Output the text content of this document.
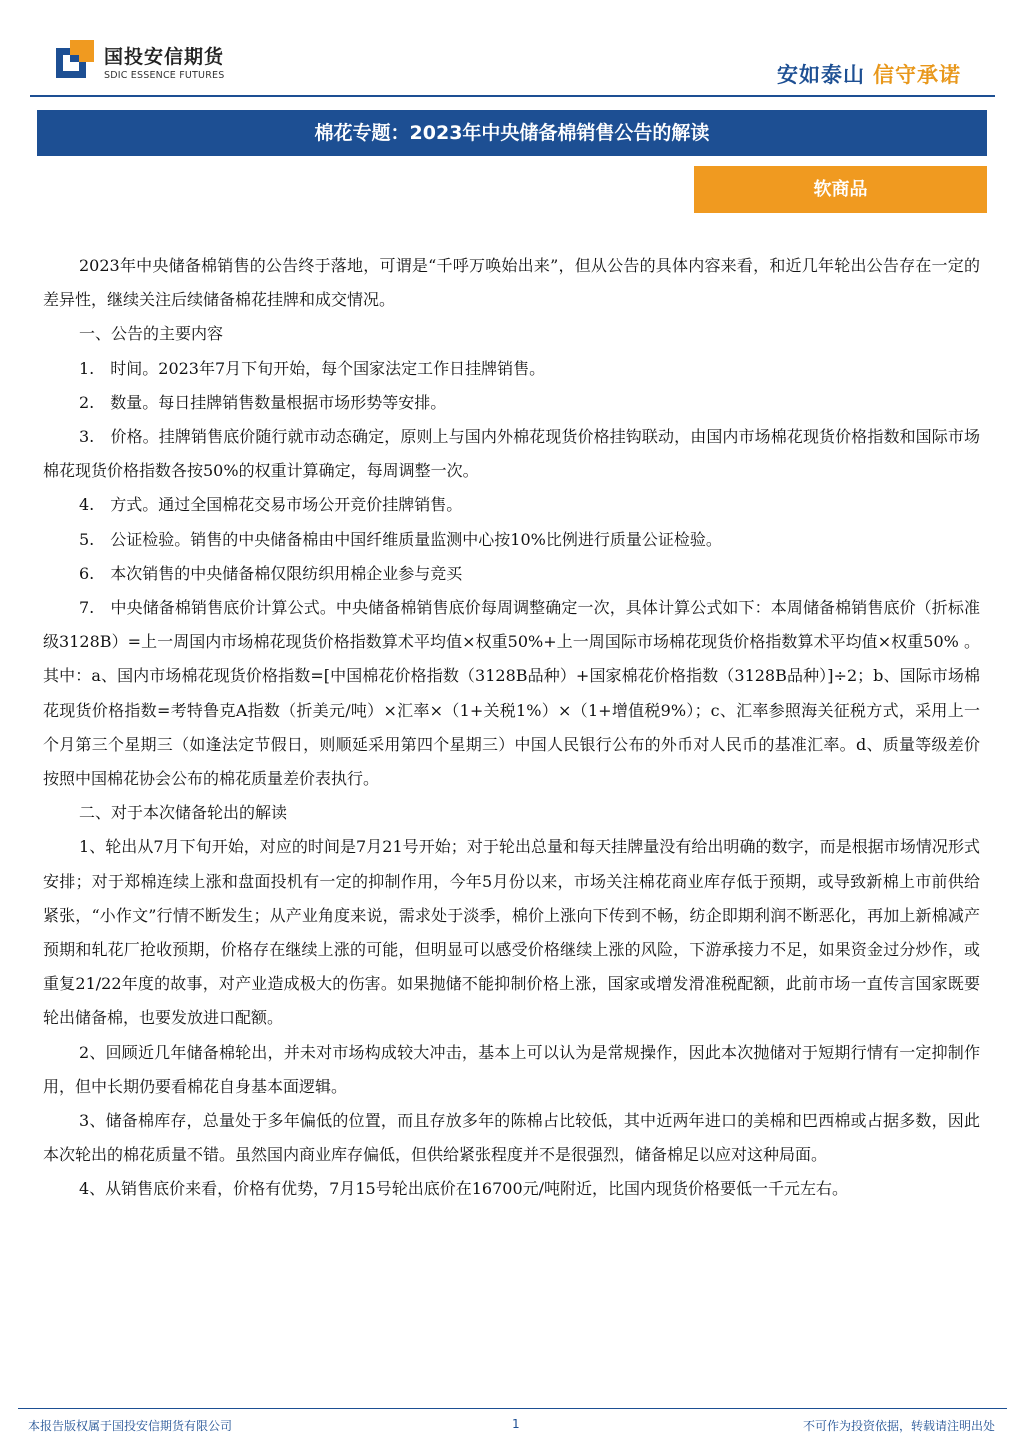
国投安信期货
SDIC ESSENCE FUTURES	安如泰山 信守承诺
棉花专题：2023年中央储备棉销售公告的解读
软商品

2023年中央储备棉销售的公告终于落地，可谓是“千呼万唤始出来”，但从公告的具体内容来看，和近几年轮出公告存在一定的差异性，继续关注后续储备棉花挂牌和成交情况。

一、公告的主要内容

1.　时间。2023年7月下旬开始，每个国家法定工作日挂牌销售。

2.　数量。每日挂牌销售数量根据市场形势等安排。

3.　价格。挂牌销售底价随行就市动态确定，原则上与国内外棉花现货价格挂钩联动，由国内市场棉花现货价格指数和国际市场棉花现货价格指数各按50%的权重计算确定，每周调整一次。

4.　方式。通过全国棉花交易市场公开竞价挂牌销售。

5.　公证检验。销售的中央储备棉由中国纤维质量监测中心按10%比例进行质量公证检验。

6.　本次销售的中央储备棉仅限纺织用棉企业参与竞买

7.　中央储备棉销售底价计算公式。中央储备棉销售底价每周调整确定一次，具体计算公式如下：本周储备棉销售底价（折标准级3128B）=上一周国内市场棉花现货价格指数算术平均值×权重50%+上一周国际市场棉花现货价格指数算术平均值×权重50% 。其中：a、国内市场棉花现货价格指数=[中国棉花价格指数（3128B品种）+国家棉花价格指数（3128B品种）]÷2；b、国际市场棉花现货价格指数=考特鲁克A指数（折美元/吨）×汇率×（1+关税1%）×（1+增值税9%）；c、汇率参照海关征税方式，采用上一个月第三个星期三（如逢法定节假日，则顺延采用第四个星期三）中国人民银行公布的外币对人民币的基准汇率。d、质量等级差价按照中国棉花协会公布的棉花质量差价表执行。

二、对于本次储备轮出的解读

1、轮出从7月下旬开始，对应的时间是7月21号开始；对于轮出总量和每天挂牌量没有给出明确的数字，而是根据市场情况形式安排；对于郑棉连续上涨和盘面投机有一定的抑制作用，今年5月份以来，市场关注棉花商业库存低于预期，或导致新棉上市前供给紧张，“小作文”行情不断发生；从产业角度来说，需求处于淡季，棉价上涨向下传到不畅，纺企即期利润不断恶化，再加上新棉减产预期和轧花厂抢收预期，价格存在继续上涨的可能，但明显可以感受价格继续上涨的风险，下游承接力不足，如果资金过分炒作，或重复21/22年度的故事，对产业造成极大的伤害。如果抛储不能抑制价格上涨，国家或增发滑准税配额，此前市场一直传言国家既要轮出储备棉，也要发放进口配额。

2、回顾近几年储备棉轮出，并未对市场构成较大冲击，基本上可以认为是常规操作，因此本次抛储对于短期行情有一定抑制作用，但中长期仍要看棉花自身基本面逻辑。

3、储备棉库存，总量处于多年偏低的位置，而且存放多年的陈棉占比较低，其中近两年进口的美棉和巴西棉或占据多数，因此本次轮出的棉花质量不错。虽然国内商业库存偏低，但供给紧张程度并不是很强烈，储备棉足以应对这种局面。

4、从销售底价来看，价格有优势，7月15号轮出底价在16700元/吨附近，比国内现货价格要低一千元左右。

本报告版权属于国投安信期货有限公司	1	不可作为投资依据，转载请注明出处
